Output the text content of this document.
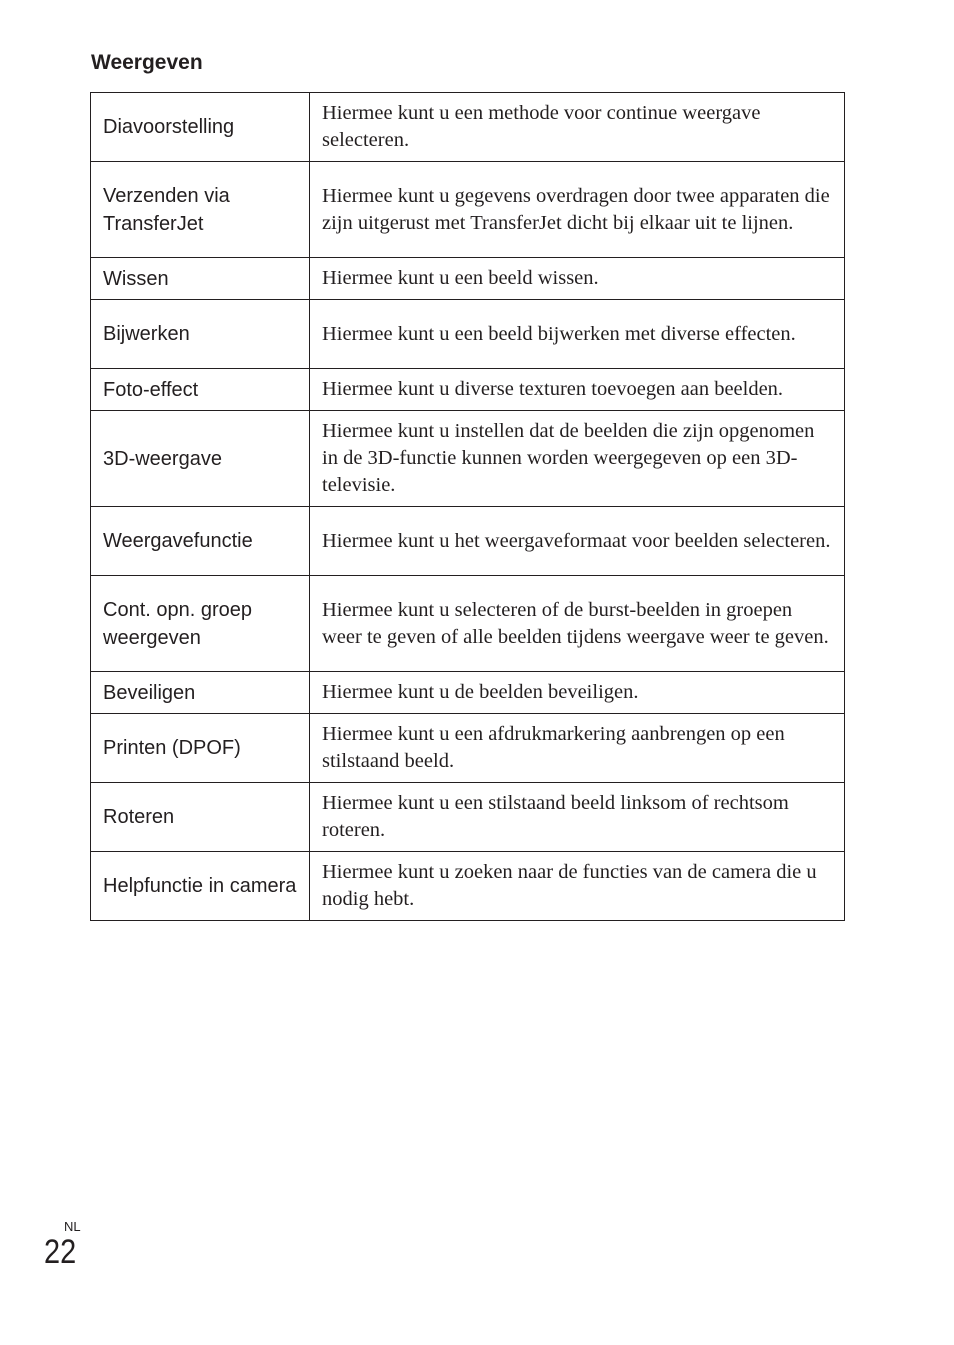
Weergeven
Diavoorstelling	Hiermee kunt u een methode voor continue weergave selecteren.
Verzenden via TransferJet	Hiermee kunt u gegevens overdragen door twee apparaten die zijn uitgerust met TransferJet dicht bij elkaar uit te lijnen.
Wissen	Hiermee kunt u een beeld wissen.
Bijwerken	Hiermee kunt u een beeld bijwerken met diverse effecten.
Foto-effect	Hiermee kunt u diverse texturen toevoegen aan beelden.
3D-weergave	Hiermee kunt u instellen dat de beelden die zijn opgenomen in de 3D-functie kunnen worden weergegeven op een 3D-televisie.
Weergavefunctie	Hiermee kunt u het weergaveformaat voor beelden selecteren.
Cont. opn. groep weergeven	Hiermee kunt u selecteren of de burst-beelden in groepen weer te geven of alle beelden tijdens weergave weer te geven.
Beveiligen	Hiermee kunt u de beelden beveiligen.
Printen (DPOF)	Hiermee kunt u een afdrukmarkering aanbrengen op een stilstaand beeld.
Roteren	Hiermee kunt u een stilstaand beeld linksom of rechtsom roteren.
Helpfunctie in camera	Hiermee kunt u zoeken naar de functies van de camera die u nodig hebt.
NL
22
